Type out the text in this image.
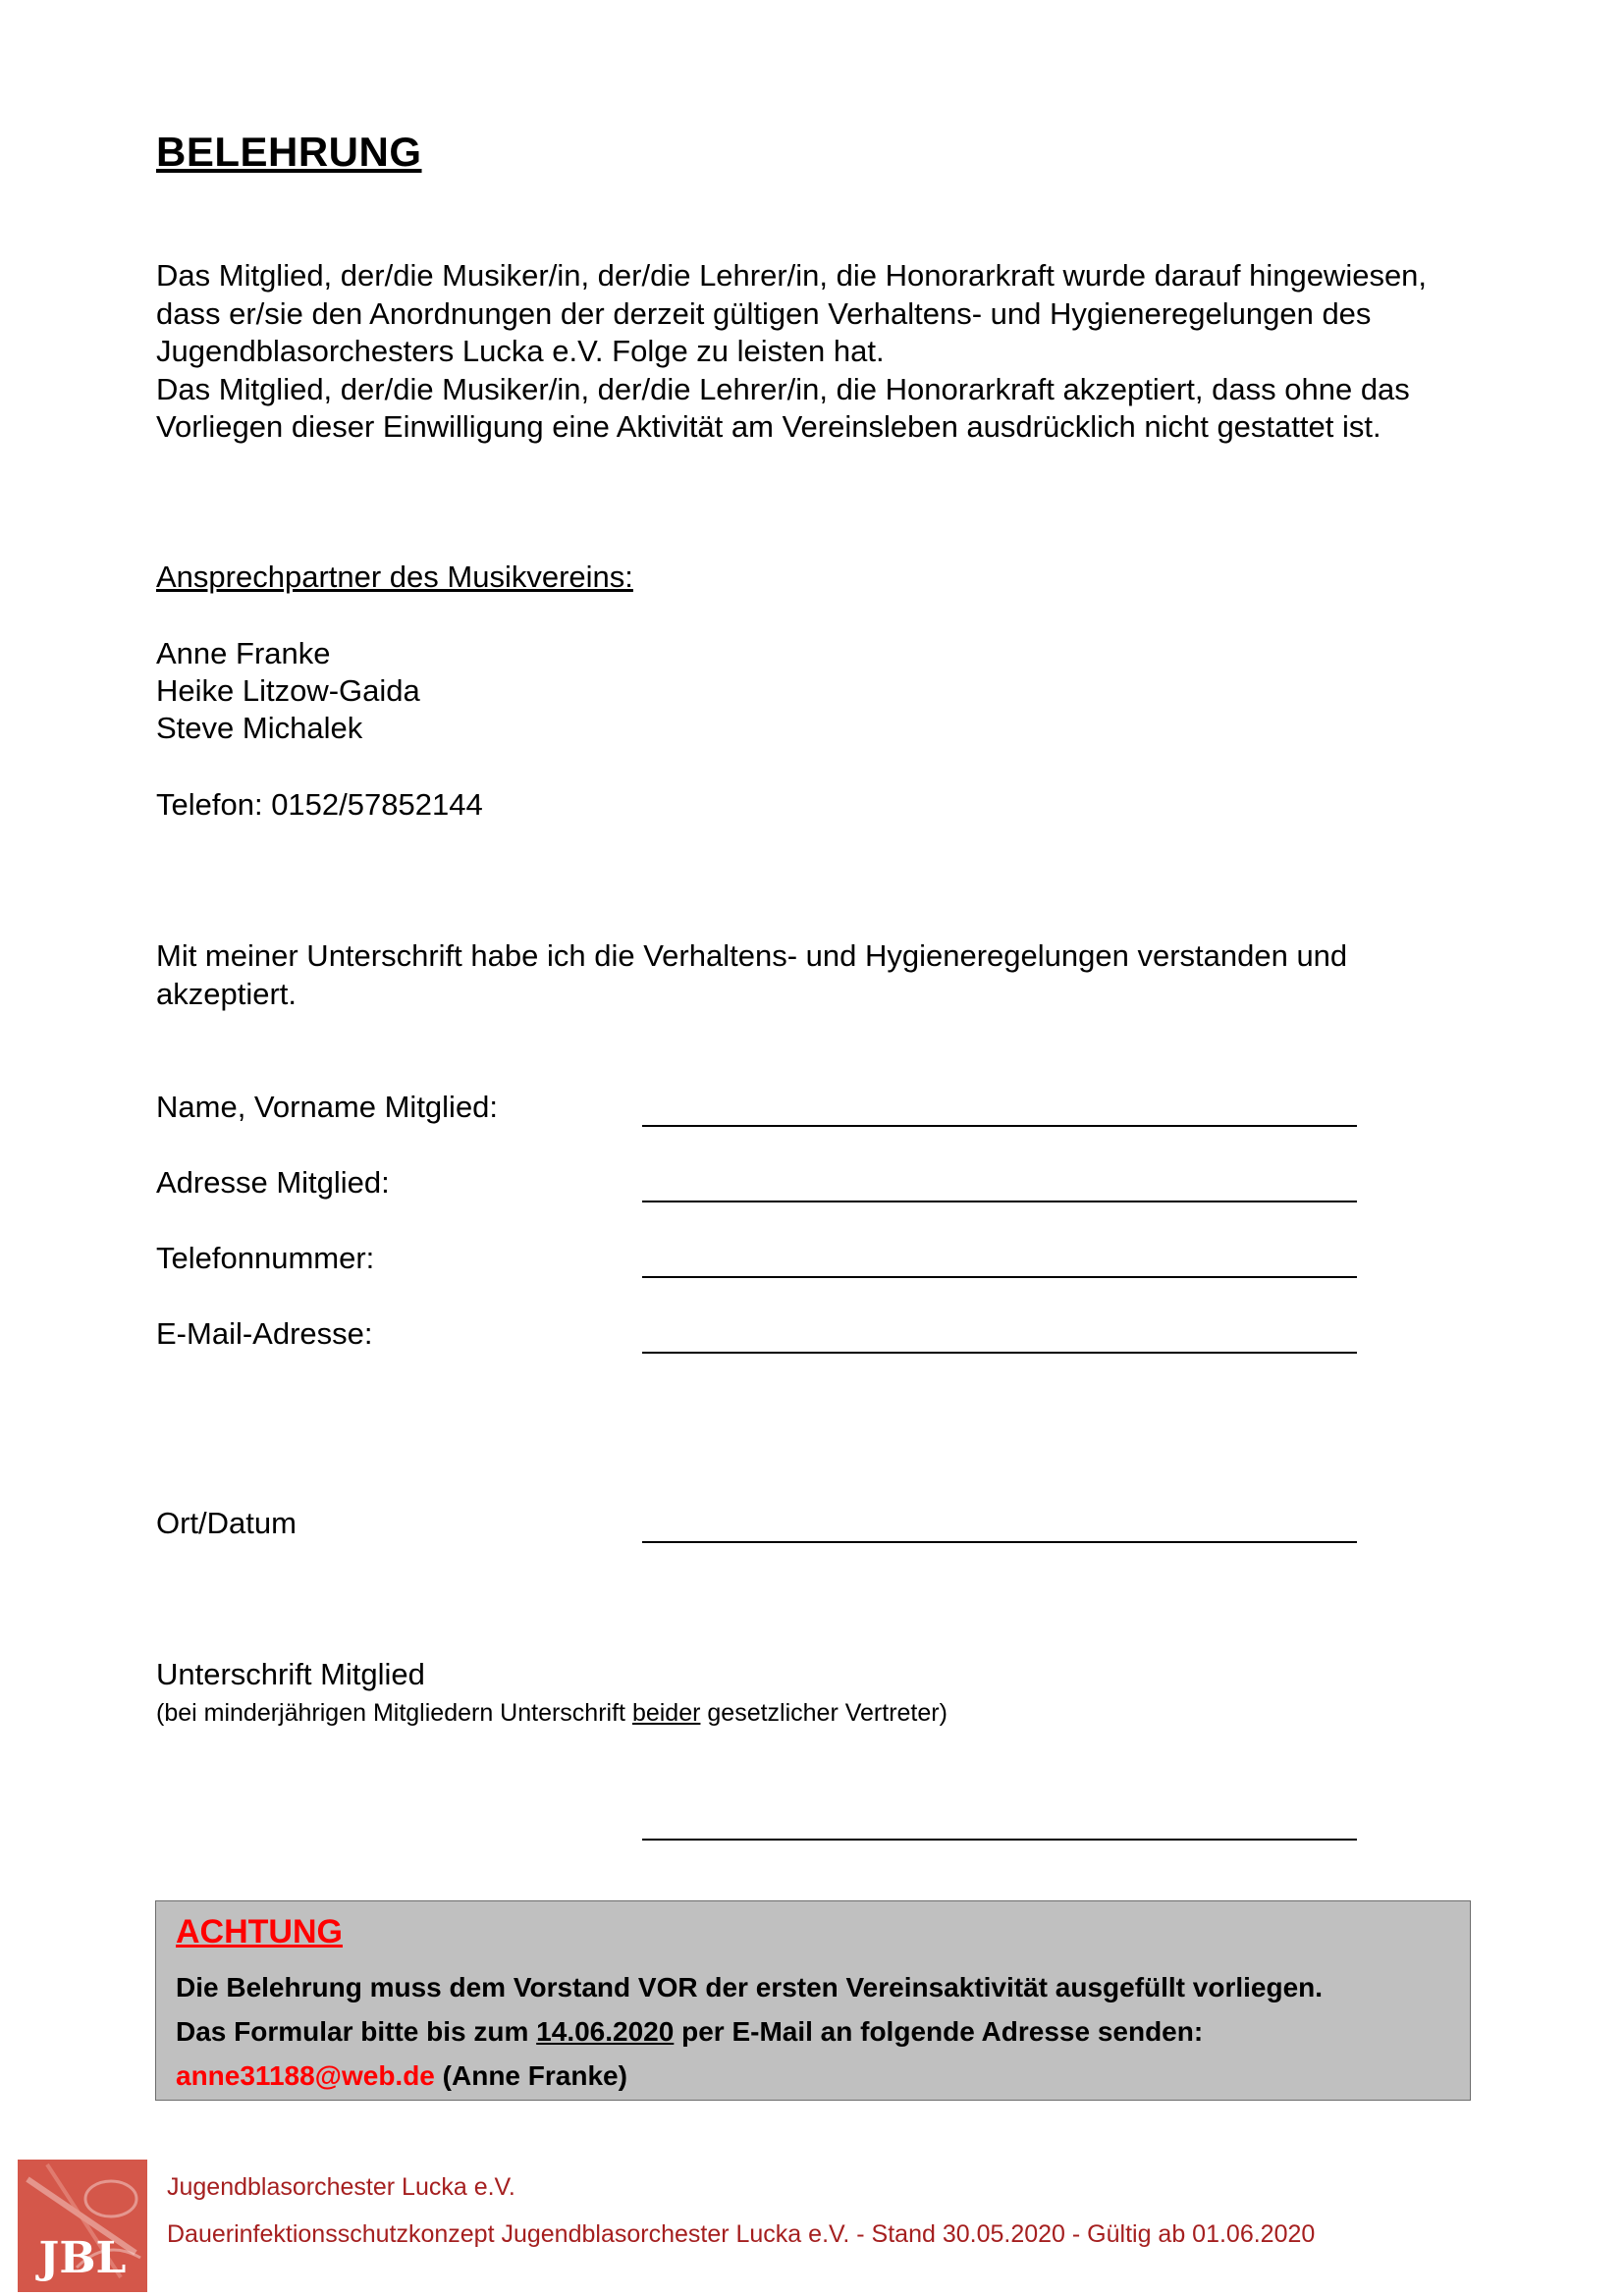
BELEHRUNG
Das Mitglied, der/die Musiker/in, der/die Lehrer/in, die Honorarkraft wurde darauf hingewiesen,
dass er/sie den Anordnungen der derzeit gültigen Verhaltens- und Hygieneregelungen des
Jugendblasorchesters Lucka e.V. Folge zu leisten hat.
Das Mitglied, der/die Musiker/in, der/die Lehrer/in, die Honorarkraft akzeptiert, dass ohne das
Vorliegen dieser Einwilligung eine Aktivität am Vereinsleben ausdrücklich nicht gestattet ist.
Ansprechpartner des Musikvereins:
Anne Franke
Heike Litzow-Gaida
Steve Michalek
Telefon: 0152/57852144
Mit meiner Unterschrift habe ich die Verhaltens- und Hygieneregelungen verstanden und
akzeptiert.
Name, Vorname Mitglied:
Adresse Mitglied:
Telefonnummer:
E-Mail-Adresse:
Ort/Datum
Unterschrift Mitglied
(bei minderjährigen Mitgliedern Unterschrift beider gesetzlicher Vertreter)
ACHTUNG
Die Belehrung muss dem Vorstand VOR der ersten Vereinsaktivität ausgefüllt vorliegen.
Das Formular bitte bis zum 14.06.2020 per E-Mail an folgende Adresse senden:
anne31188@web.de (Anne Franke)
JBL
Jugendblasorchester Lucka e.V.
Dauerinfektionsschutzkonzept Jugendblasorchester Lucka e.V. - Stand 30.05.2020 - Gültig ab 01.06.2020
